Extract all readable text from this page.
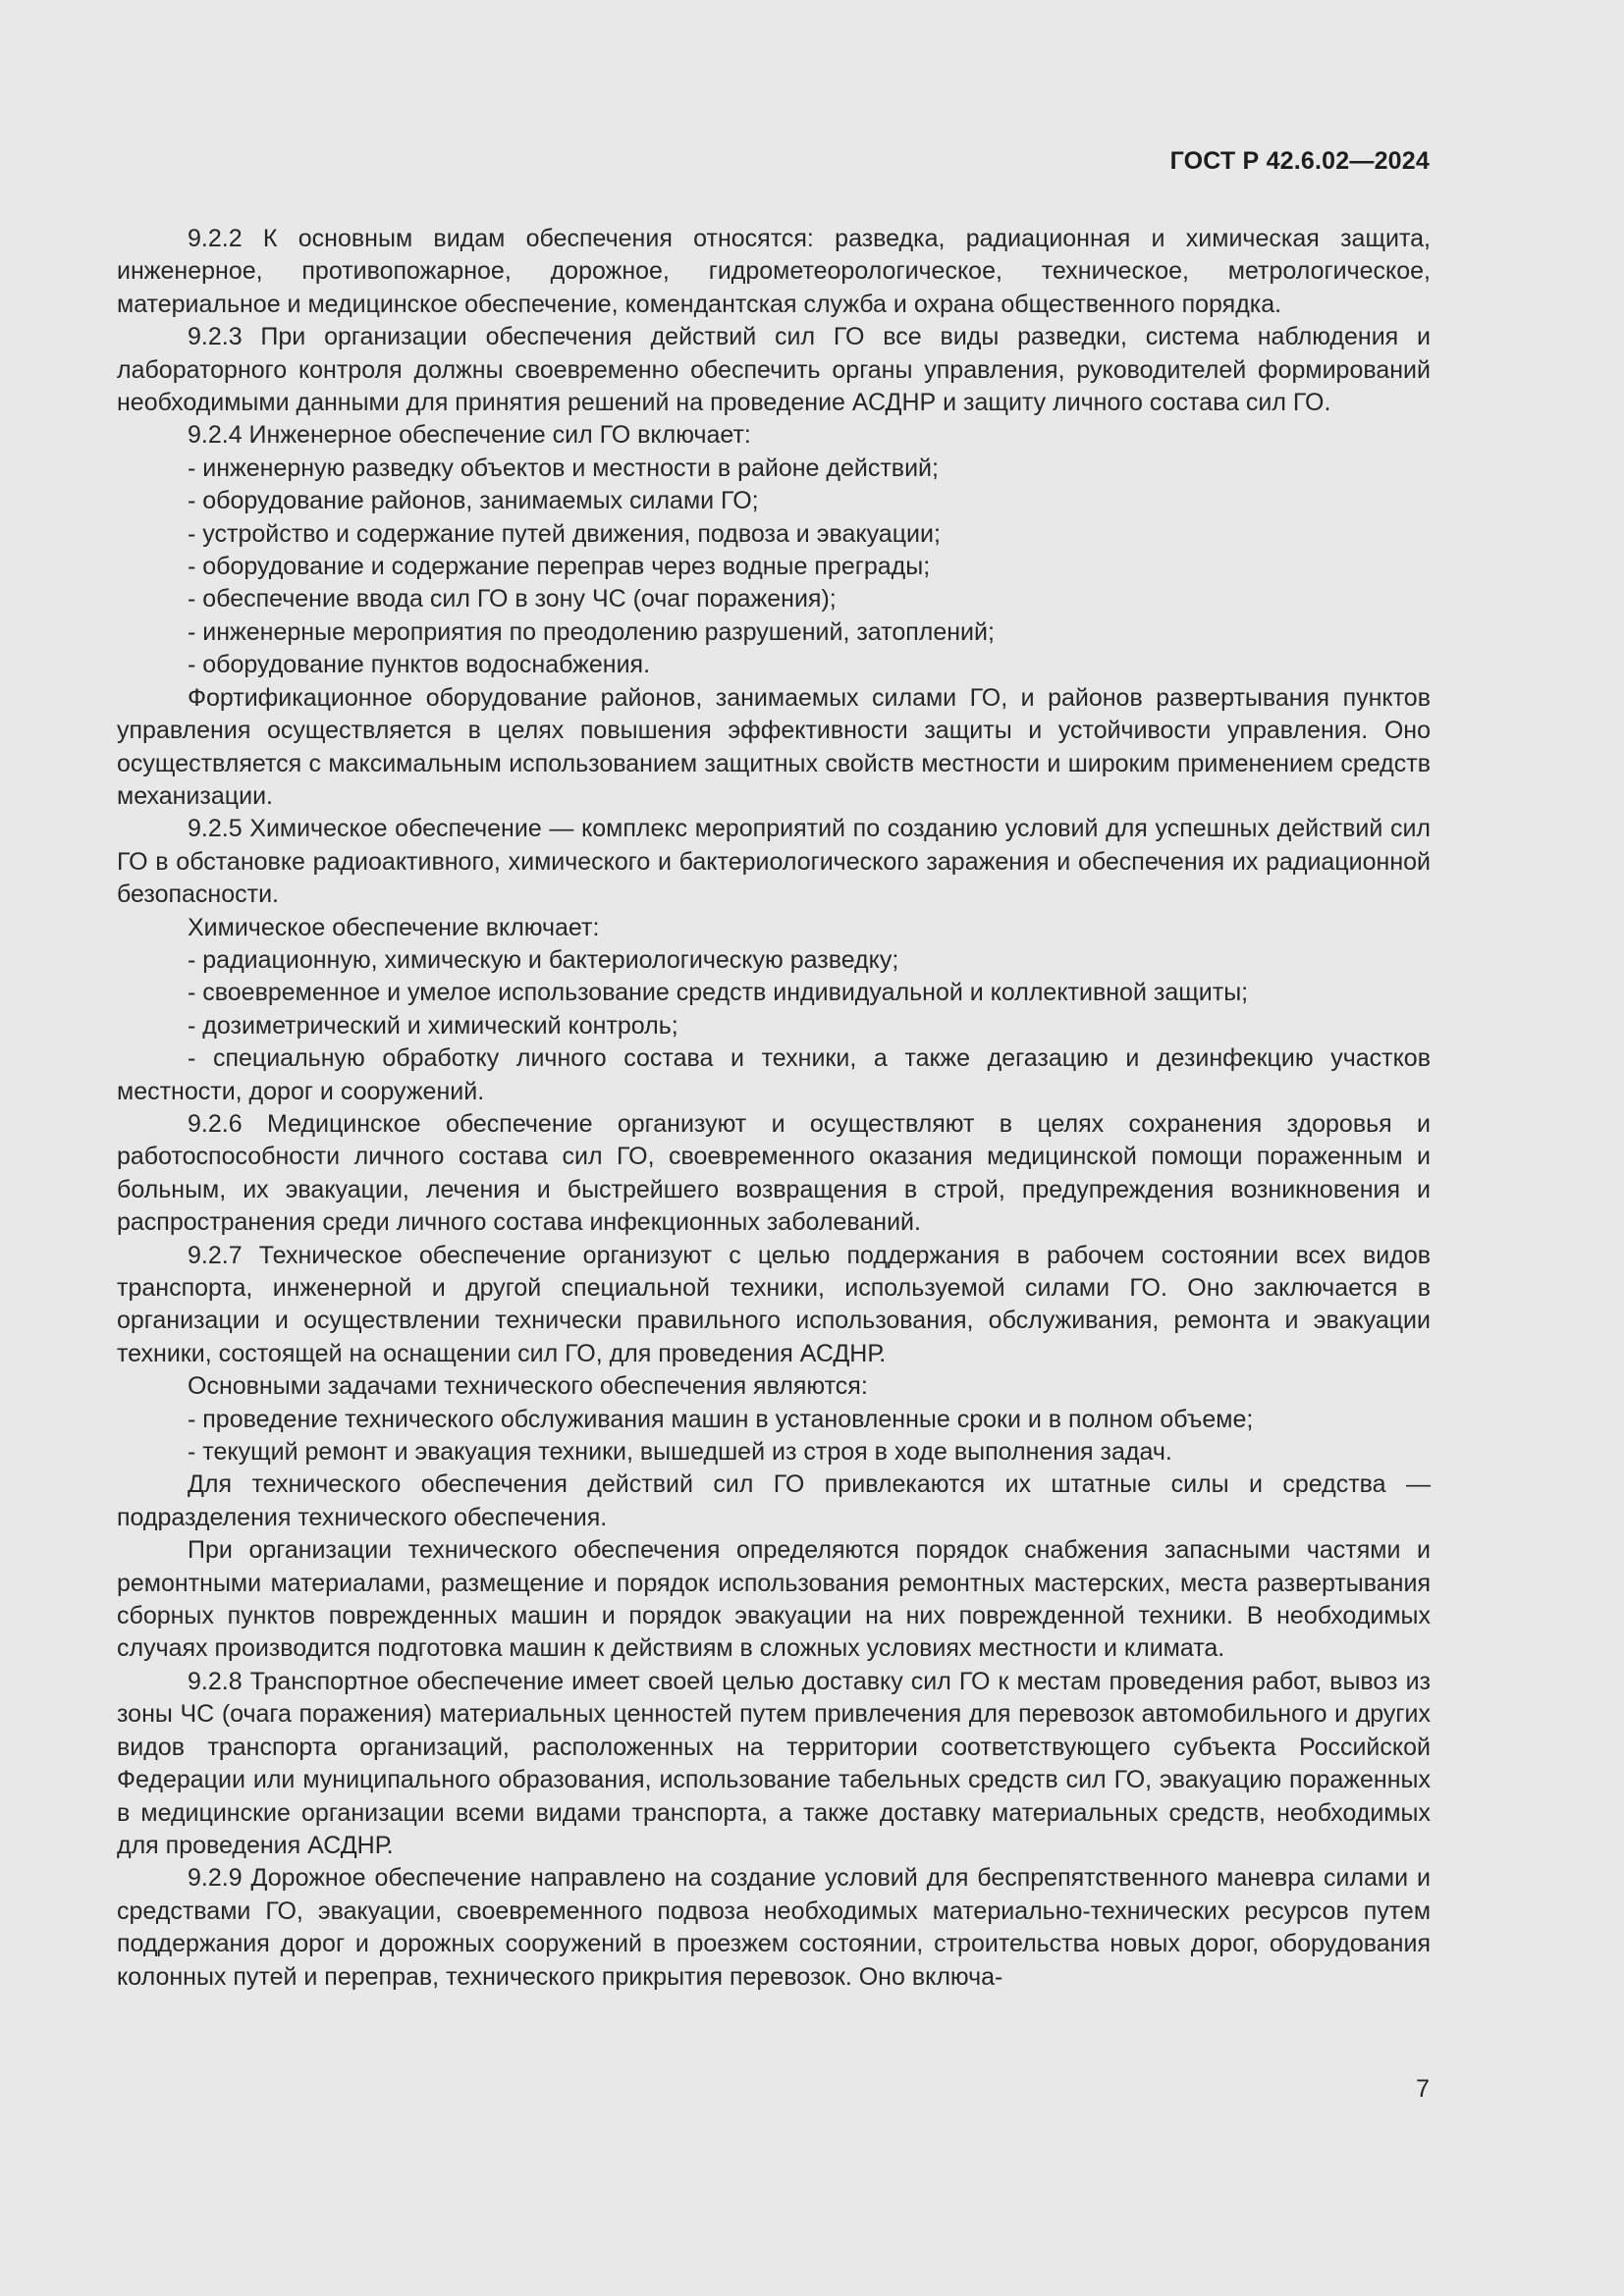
ГОСТ Р 42.6.02—2024

9.2.2 К основным видам обеспечения относятся: разведка, радиационная и химическая защита, инженерное, противопожарное, дорожное, гидрометеорологическое, техническое, метрологическое, материальное и медицинское обеспечение, комендантская служба и охрана общественного порядка.

9.2.3 При организации обеспечения действий сил ГО все виды разведки, система наблюдения и лабораторного контроля должны своевременно обеспечить органы управления, руководителей формирований необходимыми данными для принятия решений на проведение АСДНР и защиту личного состава сил ГО.

9.2.4 Инженерное обеспечение сил ГО включает:

- инженерную разведку объектов и местности в районе действий;

- оборудование районов, занимаемых силами ГО;

- устройство и содержание путей движения, подвоза и эвакуации;

- оборудование и содержание переправ через водные преграды;

- обеспечение ввода сил ГО в зону ЧС (очаг поражения);

- инженерные мероприятия по преодолению разрушений, затоплений;

- оборудование пунктов водоснабжения.

Фортификационное оборудование районов, занимаемых силами ГО, и районов развертывания пунктов управления осуществляется в целях повышения эффективности защиты и устойчивости управления. Оно осуществляется с максимальным использованием защитных свойств местности и широким применением средств механизации.

9.2.5 Химическое обеспечение — комплекс мероприятий по созданию условий для успешных действий сил ГО в обстановке радиоактивного, химического и бактериологического заражения и обеспечения их радиационной безопасности.

Химическое обеспечение включает:

- радиационную, химическую и бактериологическую разведку;

- своевременное и умелое использование средств индивидуальной и коллективной защиты;

- дозиметрический и химический контроль;

- специальную обработку личного состава и техники, а также дегазацию и дезинфекцию участков местности, дорог и сооружений.

9.2.6 Медицинское обеспечение организуют и осуществляют в целях сохранения здоровья и работоспособности личного состава сил ГО, своевременного оказания медицинской помощи пораженным и больным, их эвакуации, лечения и быстрейшего возвращения в строй, предупреждения возникновения и распространения среди личного состава инфекционных заболеваний.

9.2.7 Техническое обеспечение организуют с целью поддержания в рабочем состоянии всех видов транспорта, инженерной и другой специальной техники, используемой силами ГО. Оно заключается в организации и осуществлении технически правильного использования, обслуживания, ремонта и эвакуации техники, состоящей на оснащении сил ГО, для проведения АСДНР.

Основными задачами технического обеспечения являются:

- проведение технического обслуживания машин в установленные сроки и в полном объеме;

- текущий ремонт и эвакуация техники, вышедшей из строя в ходе выполнения задач.

Для технического обеспечения действий сил ГО привлекаются их штатные силы и средства — подразделения технического обеспечения.

При организации технического обеспечения определяются порядок снабжения запасными частями и ремонтными материалами, размещение и порядок использования ремонтных мастерских, места развертывания сборных пунктов поврежденных машин и порядок эвакуации на них поврежденной техники. В необходимых случаях производится подготовка машин к действиям в сложных условиях местности и климата.

9.2.8 Транспортное обеспечение имеет своей целью доставку сил ГО к местам проведения работ, вывоз из зоны ЧС (очага поражения) материальных ценностей путем привлечения для перевозок автомобильного и других видов транспорта организаций, расположенных на территории соответствующего субъекта Российской Федерации или муниципального образования, использование табельных средств сил ГО, эвакуацию пораженных в медицинские организации всеми видами транспорта, а также доставку материальных средств, необходимых для проведения АСДНР.

9.2.9 Дорожное обеспечение направлено на создание условий для беспрепятственного маневра силами и средствами ГО, эвакуации, своевременного подвоза необходимых материально-технических ресурсов путем поддержания дорог и дорожных сооружений в проезжем состоянии, строительства новых дорог, оборудования колонных путей и переправ, технического прикрытия перевозок. Оно включа-

7
